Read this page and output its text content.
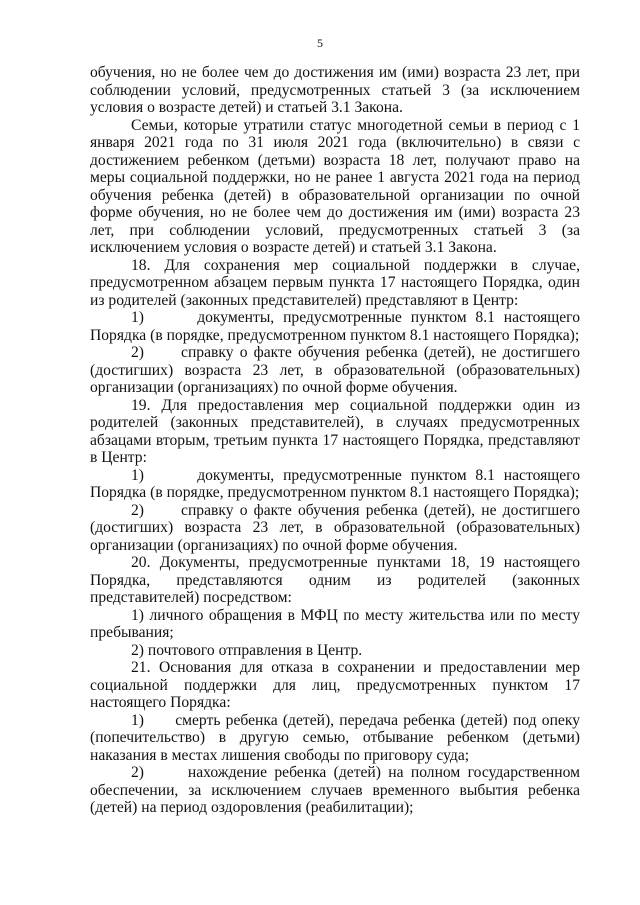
5

обучения, но не более чем до достижения им (ими) возраста 23 лет, при соблюдении условий, предусмотренных статьей 3 (за исключением условия о возрасте детей) и статьей 3.1 Закона.

Семьи, которые утратили статус многодетной семьи в период с 1 января 2021 года по 31 июля 2021 года (включительно) в связи с достижением ребенком (детьми) возраста 18 лет, получают право на меры социальной поддержки, но не ранее 1 августа 2021 года на период обучения ребенка (детей) в образовательной организации по очной форме обучения, но не более чем до достижения им (ими) возраста 23 лет, при соблюдении условий, предусмотренных статьей 3 (за исключением условия о возрасте детей) и статьей 3.1 Закона.

18. Для сохранения мер социальной поддержки в случае, предусмотренном абзацем первым пункта 17 настоящего Порядка, один из родителей (законных представителей) представляют в Центр:

1)      документы, предусмотренные пунктом 8.1 настоящего Порядка (в порядке, предусмотренном пунктом 8.1 настоящего Порядка);

2)      справку о факте обучения ребенка (детей), не достигшего (достигших) возраста 23 лет, в образовательной (образовательных) организации (организациях) по очной форме обучения.

19. Для предоставления мер социальной поддержки один из родителей (законных представителей), в случаях предусмотренных абзацами вторым, третьим пункта 17 настоящего Порядка, представляют в Центр:

1)      документы, предусмотренные пунктом 8.1 настоящего Порядка (в порядке, предусмотренном пунктом 8.1 настоящего Порядка);

2)      справку о факте обучения ребенка (детей), не достигшего (достигших) возраста 23 лет, в образовательной (образовательных) организации (организациях) по очной форме обучения.

20. Документы, предусмотренные пунктами 18, 19 настоящего Порядка, представляются одним из родителей (законных представителей) посредством:

1) личного обращения в МФЦ по месту жительства или по месту пребывания;

2) почтового отправления в Центр.

21. Основания для отказа в сохранении и предоставлении мер социальной поддержки для лиц, предусмотренных пунктом 17 настоящего Порядка:

1)      смерть ребенка (детей), передача ребенка (детей) под опеку (попечительство) в другую семью, отбывание ребенком (детьми) наказания в местах лишения свободы по приговору суда;

2)      нахождение ребенка (детей) на полном государственном обеспечении, за исключением случаев временного выбытия ребенка (детей) на период оздоровления (реабилитации);
